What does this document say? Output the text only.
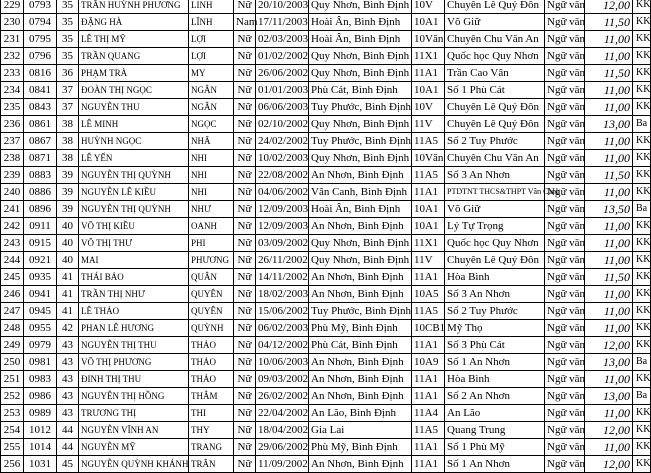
229	0793	35	TRẦN HUỲNH PHƯƠNG	LINH	Nữ	20/10/2003	Quy Nhơn, Bình Định	10V	Chuyên Lê Quý Đôn	Ngữ văn	12,00	KK
230	0794	35	ĐẶNG HÀ	LĨNH	Nam	17/11/2003	Hoài Ân, Bình Định	10A1	Võ Giữ	Ngữ văn	11,50	KK
231	0795	35	LÊ THỊ MỸ	LỢI	Nữ	02/03/2003	Hoài Ân, Bình Định	10Văn	Chuyên Chu Văn An	Ngữ văn	11,00	KK
232	0796	35	TRẦN QUANG	LỢI	Nữ	01/02/2002	Quy Nhơn, Bình Định	11X1	Quốc học Quy Nhơn	Ngữ văn	11,00	KK
233	0816	36	PHẠM TRÀ	MY	Nữ	26/06/2002	Quy Nhơn, Bình Định	11A1	Trần Cao Vân	Ngữ văn	11,50	KK
234	0841	37	ĐOÀN THỊ NGỌC	NGÂN	Nữ	01/01/2003	Phù Cát, Bình Định	10A1	Số 1 Phù Cát	Ngữ văn	11,00	KK
235	0843	37	NGUYỄN THU	NGÂN	Nữ	06/06/2003	Tuy Phước, Bình Định	10V	Chuyên Lê Quý Đôn	Ngữ văn	11,00	KK
236	0861	38	LÊ MINH	NGỌC	Nữ	02/10/2002	Quy Nhơn, Bình Định	11V	Chuyên Lê Quý Đôn	Ngữ văn	13,00	Ba
237	0867	38	HUỲNH NGỌC	NHÃ	Nữ	24/02/2002	Tuy Phước, Bình Định	11A5	Số 2 Tuy Phước	Ngữ văn	11,00	KK
238	0871	38	LÊ YẾN	NHI	Nữ	10/02/2003	Quy Nhơn, Bình Định	10Văn	Chuyên Chu Văn An	Ngữ văn	11,00	KK
239	0883	39	NGUYỄN THỊ QUỲNH	NHI	Nữ	22/08/2002	An Nhơn, Bình Định	11A5	Số 3 An Nhơn	Ngữ văn	11,50	KK
240	0886	39	NGUYỄN LÊ KIỀU	NHI	Nữ	04/06/2002	Vân Canh, Bình Định	11A1	PTDTNT THCS&THPT Vân Canh	Ngữ văn	11,00	KK
241	0896	39	NGUYỄN THỊ QUỲNH	NHƯ	Nữ	12/09/2003	Hoài Ân, Bình Định	10A1	Võ Giữ	Ngữ văn	13,50	Ba
242	0911	40	VÕ THỊ KIỀU	OANH	Nữ	12/09/2003	An Nhơn, Bình Định	10A1	Lý Tự Trọng	Ngữ văn	11,00	KK
243	0915	40	VÕ THỊ THƯ	PHI	Nữ	03/09/2002	Quy Nhơn, Bình Định	11X1	Quốc học Quy Nhơn	Ngữ văn	11,00	KK
244	0921	40	MAI	PHƯƠNG	Nữ	26/11/2002	Quy Nhơn, Bình Định	11V	Chuyên Lê Quý Đôn	Ngữ văn	11,00	KK
245	0935	41	THÁI BẢO	QUÂN	Nữ	14/11/2002	An Nhơn, Bình Định	11A1	Hòa Bình	Ngữ văn	11,50	KK
246	0941	41	TRẦN THỊ NHƯ	QUYÊN	Nữ	18/02/2003	An Nhơn, Bình Định	10A5	Số 3 An Nhơn	Ngữ văn	11,00	KK
247	0945	41	LÊ THẢO	QUYÊN	Nữ	15/06/2002	Tuy Phước, Bình Định	11A5	Số 2 Tuy Phước	Ngữ văn	11,00	KK
248	0955	42	PHAN LÊ HƯƠNG	QUỲNH	Nữ	06/02/2003	Phù Mỹ, Bình Định	10CB1	Mỹ Thọ	Ngữ văn	11,00	KK
249	0979	43	NGUYỄN THỊ THU	THẢO	Nữ	04/12/2002	Phù Cát, Bình Định	11A1	Số 3 Phù Cát	Ngữ văn	12,00	KK
250	0981	43	VÕ THỊ PHƯƠNG	THẢO	Nữ	10/06/2003	An Nhơn, Bình Định	10A9	Số 1 An Nhơn	Ngữ văn	13,00	Ba
251	0983	43	ĐINH THỊ THU	THẢO	Nữ	09/03/2002	An Nhơn, Bình Định	11A1	Hòa Bình	Ngữ văn	11,00	KK
252	0986	43	NGUYỄN THỊ HỒNG	THẮM	Nữ	26/02/2002	An Nhơn, Bình Định	11A1	Số 2 An Nhơn	Ngữ văn	13,00	Ba
253	0989	43	TRƯƠNG THỊ	THI	Nữ	22/04/2002	An Lão, Bình Định	11A4	An Lão	Ngữ văn	11,00	KK
254	1012	44	NGUYỄN VĨNH AN	THY	Nữ	18/04/2002	Gia Lai	11A5	Quang Trung	Ngữ văn	12,00	KK
255	1014	44	NGUYỄN MỸ	TRANG	Nữ	29/06/2002	Phù Mỹ, Bình Định	11A1	Số 1 Phù Mỹ	Ngữ văn	11,00	KK
256	1031	45	NGUYỄN QUỲNH KHÁNH	TRÂN	Nữ	11/09/2002	An Nhơn, Bình Định	11A1	Số 1 An Nhơn	Ngữ văn	12,00	KK
